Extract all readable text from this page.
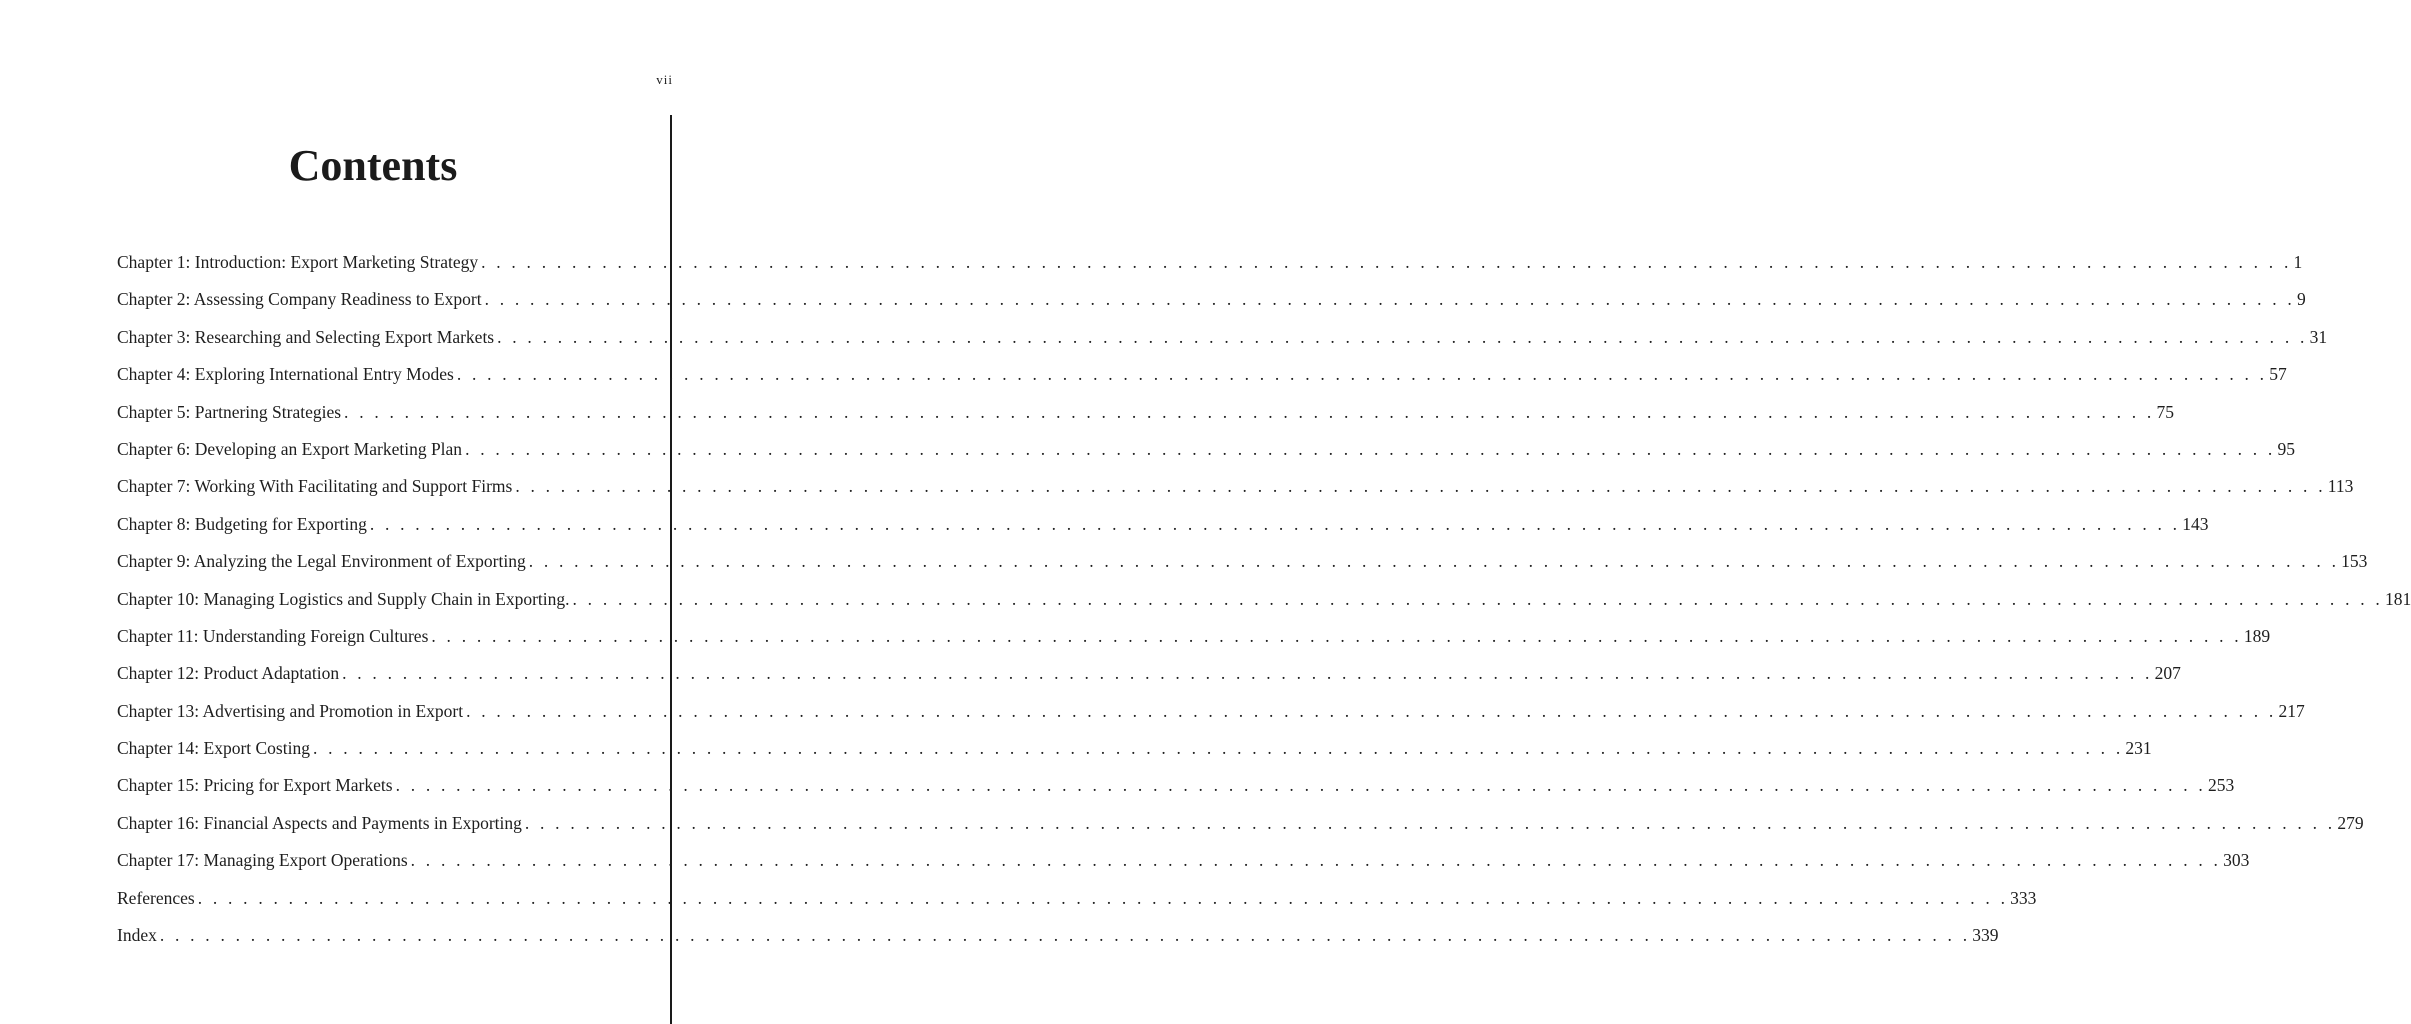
vii
Contents
Chapter 1: Introduction: Export Marketing Strategy . . . . . . . . . . . . . . . . . . . . . . . . . . . . . . . . . . . . . . . . . . . . . . . . . . . . . . . . . . . . . . . . . . . . . . . . . . . . . . . . . . . . . . . . . . . . . . . . . . . . . . . . . . . . . . . . . . . . . . . . 1
Chapter 2: Assessing Company Readiness to Export . . . . . . . . . . . . . . . . . . . . . . . . . . . . . . . . . . . . . . . . . . . . . . . . . . . . . . . . . . . . . . . . . . . . . . . . . . . . . . . . . . . . . . . . . . . . . . . . . . . . . . . . . . . . . . . . . . . . . . . . 9
Chapter 3: Researching and Selecting Export Markets . . . . . . . . . . . . . . . . . . . . . . . . . . . . . . . . . . . . . . . . . . . . . . . . . . . . . . . . . . . . . . . . . . . . . . . . . . . . . . . . . . . . . . . . . . . . . . . . . . . . . . . . . . . . . . . . . . . . . . . . 31
Chapter 4: Exploring International Entry Modes . . . . . . . . . . . . . . . . . . . . . . . . . . . . . . . . . . . . . . . . . . . . . . . . . . . . . . . . . . . . . . . . . . . . . . . . . . . . . . . . . . . . . . . . . . . . . . . . . . . . . . . . . . . . . . . . . . . . . . . . 57
Chapter 5: Partnering Strategies . . . . . . . . . . . . . . . . . . . . . . . . . . . . . . . . . . . . . . . . . . . . . . . . . . . . . . . . . . . . . . . . . . . . . . . . . . . . . . . . . . . . . . . . . . . . . . . . . . . . . . . . . . . . . . . . . . . . . . . . 75
Chapter 6: Developing an Export Marketing Plan . . . . . . . . . . . . . . . . . . . . . . . . . . . . . . . . . . . . . . . . . . . . . . . . . . . . . . . . . . . . . . . . . . . . . . . . . . . . . . . . . . . . . . . . . . . . . . . . . . . . . . . . . . . . . . . . . . . . . . . . 95
Chapter 7: Working With Facilitating and Support Firms . . . . . . . . . . . . . . . . . . . . . . . . . . . . . . . . . . . . . . . . . . . . . . . . . . . . . . . . . . . . . . . . . . . . . . . . . . . . . . . . . . . . . . . . . . . . . . . . . . . . . . . . . . . . . . . . . . . . . . . . 113
Chapter 8: Budgeting for Exporting . . . . . . . . . . . . . . . . . . . . . . . . . . . . . . . . . . . . . . . . . . . . . . . . . . . . . . . . . . . . . . . . . . . . . . . . . . . . . . . . . . . . . . . . . . . . . . . . . . . . . . . . . . . . . . . . . . . . . . . . 143
Chapter 9: Analyzing the Legal Environment of Exporting . . . . . . . . . . . . . . . . . . . . . . . . . . . . . . . . . . . . . . . . . . . . . . . . . . . . . . . . . . . . . . . . . . . . . . . . . . . . . . . . . . . . . . . . . . . . . . . . . . . . . . . . . . . . . . . . . . . . . . . . 153
Chapter 10: Managing Logistics and Supply Chain in Exporting. . . . . . . . . . . . . . . . . . . . . . . . . . . . . . . . . . . . . . . . . . . . . . . . . . . . . . . . . . . . . . . . . . . . . . . . . . . . . . . . . . . . . . . . . . . . . . . . . . . . . . . . . . . . . . . . . . . . . . . . . 181
Chapter 11: Understanding Foreign Cultures . . . . . . . . . . . . . . . . . . . . . . . . . . . . . . . . . . . . . . . . . . . . . . . . . . . . . . . . . . . . . . . . . . . . . . . . . . . . . . . . . . . . . . . . . . . . . . . . . . . . . . . . . . . . . . . . . . . . . . . . 189
Chapter 12: Product Adaptation . . . . . . . . . . . . . . . . . . . . . . . . . . . . . . . . . . . . . . . . . . . . . . . . . . . . . . . . . . . . . . . . . . . . . . . . . . . . . . . . . . . . . . . . . . . . . . . . . . . . . . . . . . . . . . . . . . . . . . . . 207
Chapter 13: Advertising and Promotion in Export . . . . . . . . . . . . . . . . . . . . . . . . . . . . . . . . . . . . . . . . . . . . . . . . . . . . . . . . . . . . . . . . . . . . . . . . . . . . . . . . . . . . . . . . . . . . . . . . . . . . . . . . . . . . . . . . . . . . . . . . 217
Chapter 14: Export Costing . . . . . . . . . . . . . . . . . . . . . . . . . . . . . . . . . . . . . . . . . . . . . . . . . . . . . . . . . . . . . . . . . . . . . . . . . . . . . . . . . . . . . . . . . . . . . . . . . . . . . . . . . . . . . . . . . . . . . . . . 231
Chapter 15: Pricing for Export Markets . . . . . . . . . . . . . . . . . . . . . . . . . . . . . . . . . . . . . . . . . . . . . . . . . . . . . . . . . . . . . . . . . . . . . . . . . . . . . . . . . . . . . . . . . . . . . . . . . . . . . . . . . . . . . . . . . . . . . . . . 253
Chapter 16: Financial Aspects and Payments in Exporting . . . . . . . . . . . . . . . . . . . . . . . . . . . . . . . . . . . . . . . . . . . . . . . . . . . . . . . . . . . . . . . . . . . . . . . . . . . . . . . . . . . . . . . . . . . . . . . . . . . . . . . . . . . . . . . . . . . . . . . . 279
Chapter 17: Managing Export Operations . . . . . . . . . . . . . . . . . . . . . . . . . . . . . . . . . . . . . . . . . . . . . . . . . . . . . . . . . . . . . . . . . . . . . . . . . . . . . . . . . . . . . . . . . . . . . . . . . . . . . . . . . . . . . . . . . . . . . . . . 303
References . . . . . . . . . . . . . . . . . . . . . . . . . . . . . . . . . . . . . . . . . . . . . . . . . . . . . . . . . . . . . . . . . . . . . . . . . . . . . . . . . . . . . . . . . . . . . . . . . . . . . . . . . . . . . . . . . . . . . . . . 333
Index . . . . . . . . . . . . . . . . . . . . . . . . . . . . . . . . . . . . . . . . . . . . . . . . . . . . . . . . . . . . . . . . . . . . . . . . . . . . . . . . . . . . . . . . . . . . . . . . . . . . . . . . . . . . . . . . . . . . . . . . 339
